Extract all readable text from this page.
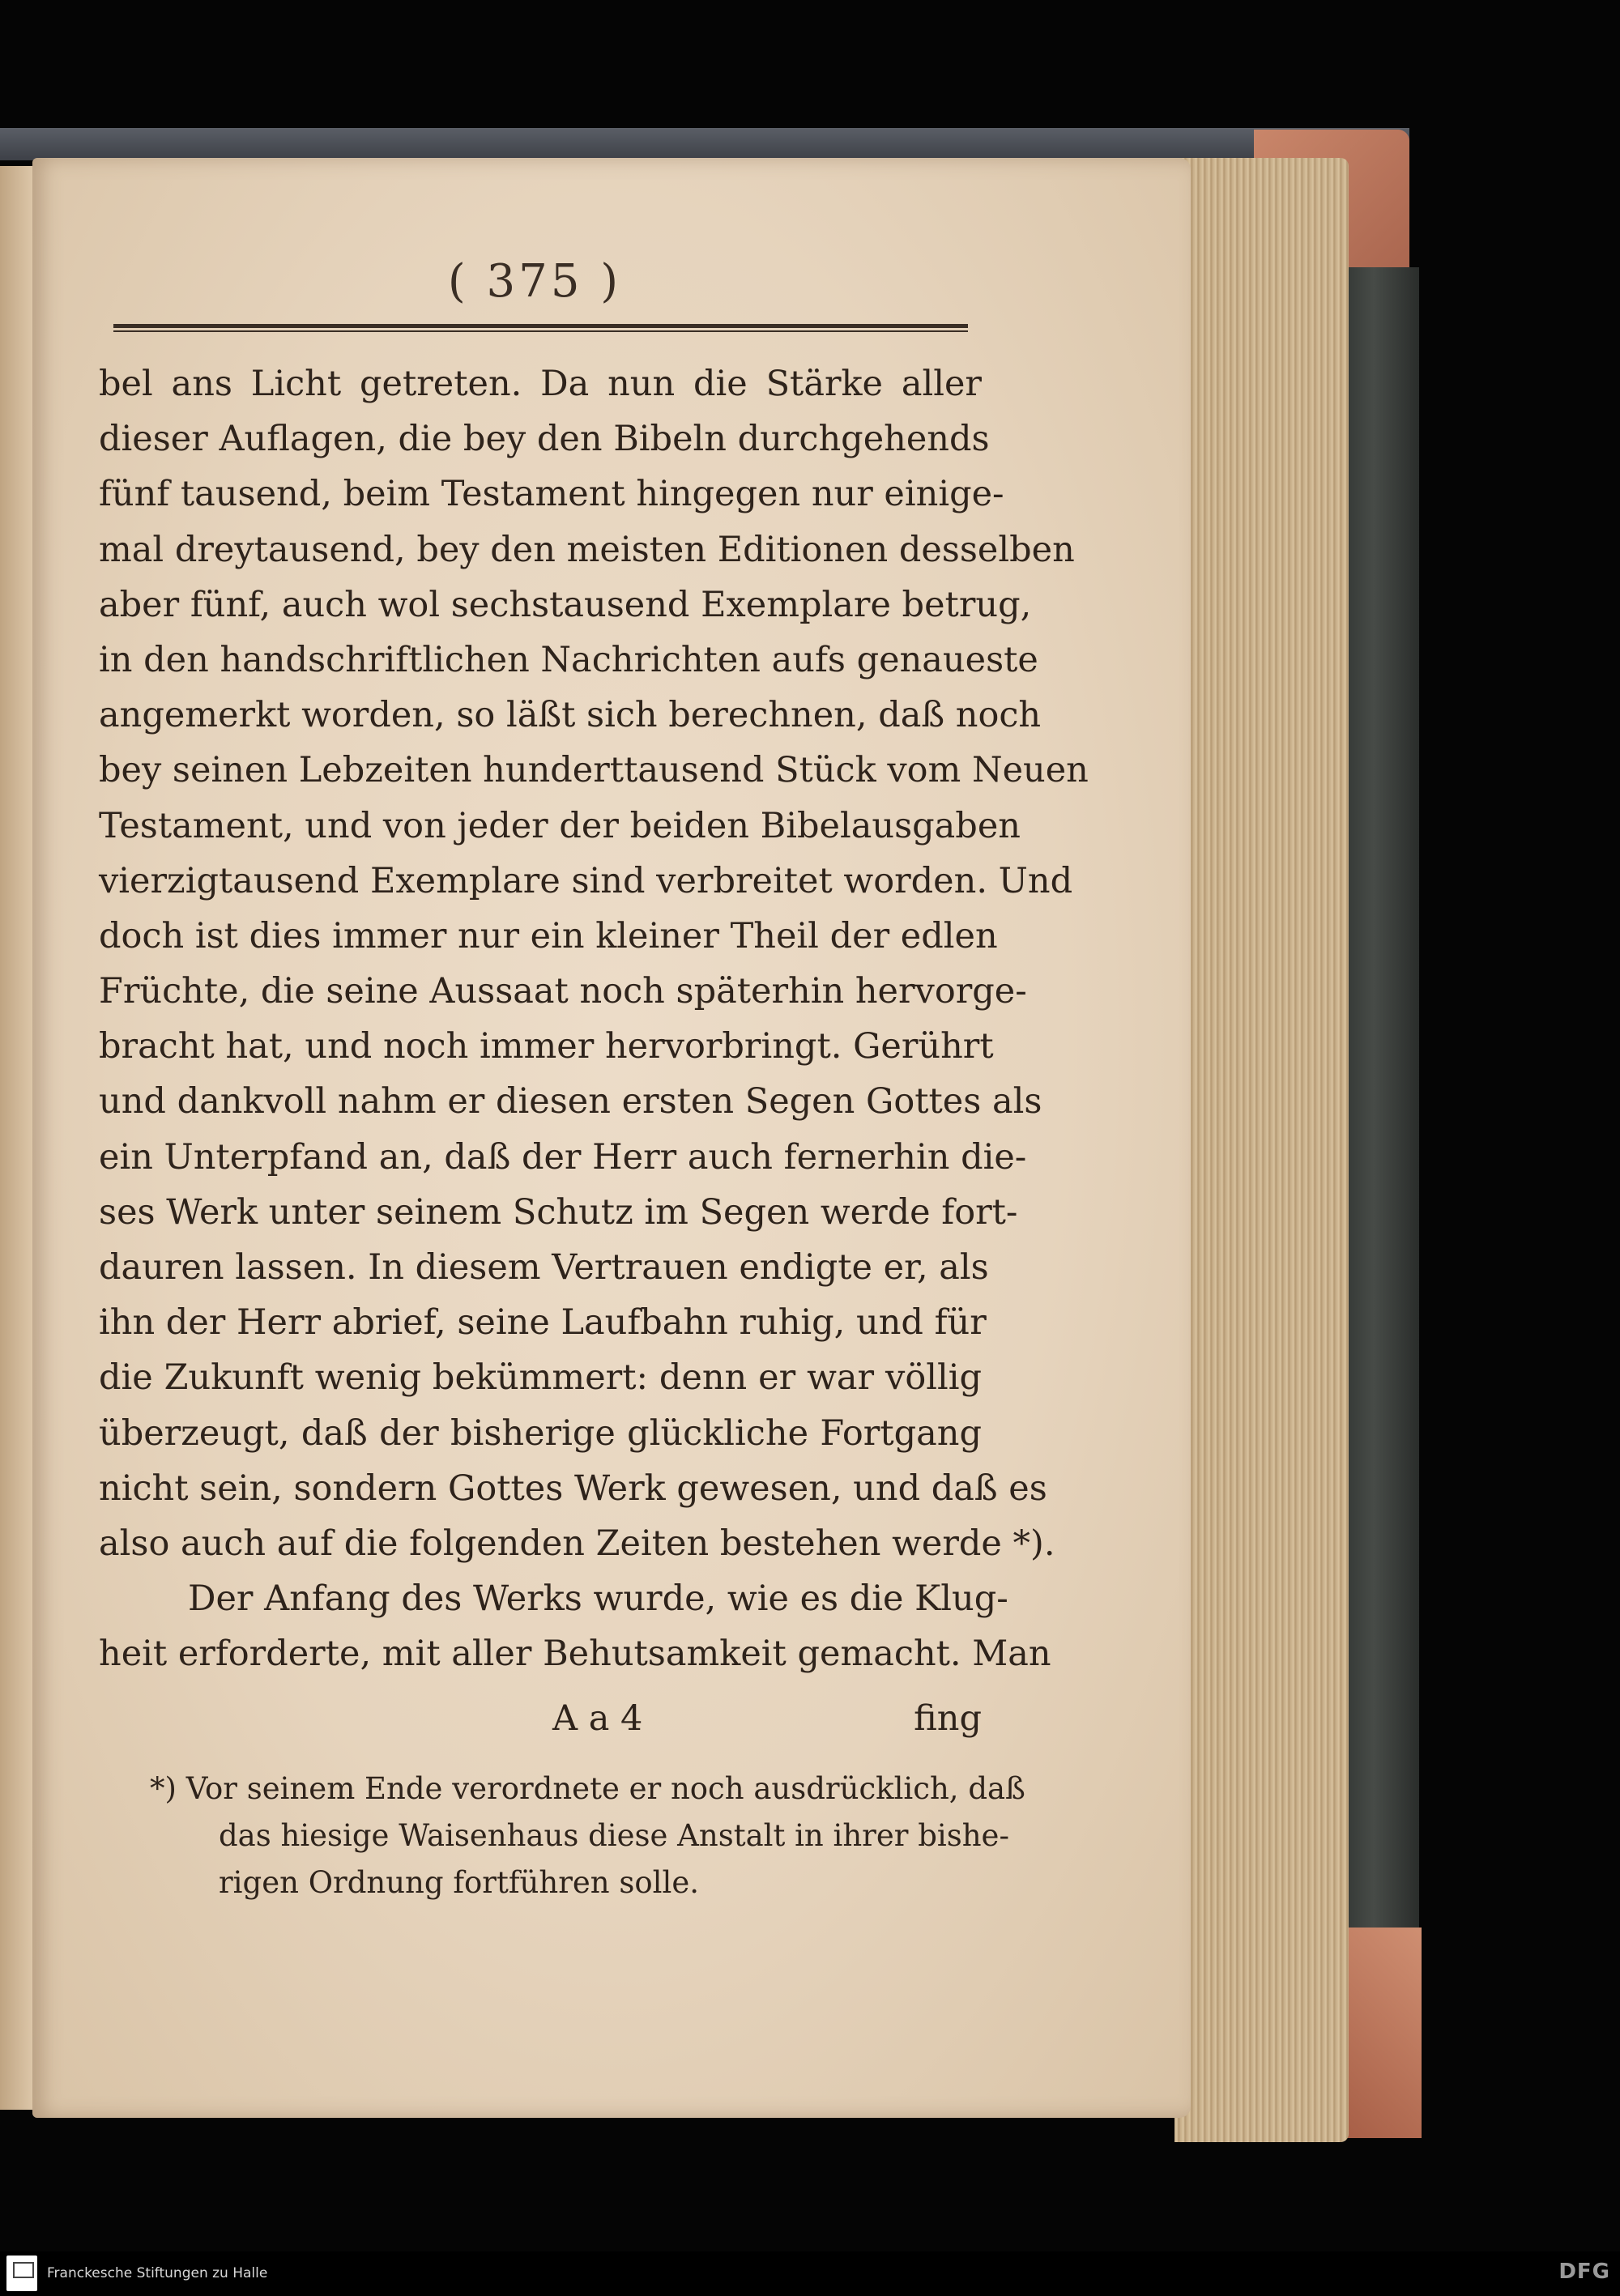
( 375 )
bel ans Licht getreten. Da nun die Stärke aller
dieser Auflagen, die bey den Bibeln durchgehends
fünf tausend, beim Testament hingegen nur einige-
mal dreytausend, bey den meisten Editionen desselben
aber fünf, auch wol sechstausend Exemplare betrug,
in den handschriftlichen Nachrichten aufs genaueste
angemerkt worden, so läßt sich berechnen, daß noch
bey seinen Lebzeiten hunderttausend Stück vom Neuen
Testament, und von jeder der beiden Bibelausgaben
vierzigtausend Exemplare sind verbreitet worden. Und
doch ist dies immer nur ein kleiner Theil der edlen
Früchte, die seine Aussaat noch späterhin hervorge-
bracht hat, und noch immer hervorbringt. Gerührt
und dankvoll nahm er diesen ersten Segen Gottes als
ein Unterpfand an, daß der Herr auch fernerhin die-
ses Werk unter seinem Schutz im Segen werde fort-
dauren lassen. In diesem Vertrauen endigte er, als
ihn der Herr abrief, seine Laufbahn ruhig, und für
die Zukunft wenig bekümmert: denn er war völlig
überzeugt, daß der bisherige glückliche Fortgang
nicht sein, sondern Gottes Werk gewesen, und daß es
also auch auf die folgenden Zeiten bestehen werde *).
Der Anfang des Werks wurde, wie es die Klug-
heit erforderte, mit aller Behutsamkeit gemacht. Man
A a 4	fing
*) Vor seinem Ende verordnete er noch ausdrücklich, daß
das hiesige Waisenhaus diese Anstalt in ihrer bishe-
rigen Ordnung fortführen solle.
Franckesche Stiftungen zu Halle	DFG
